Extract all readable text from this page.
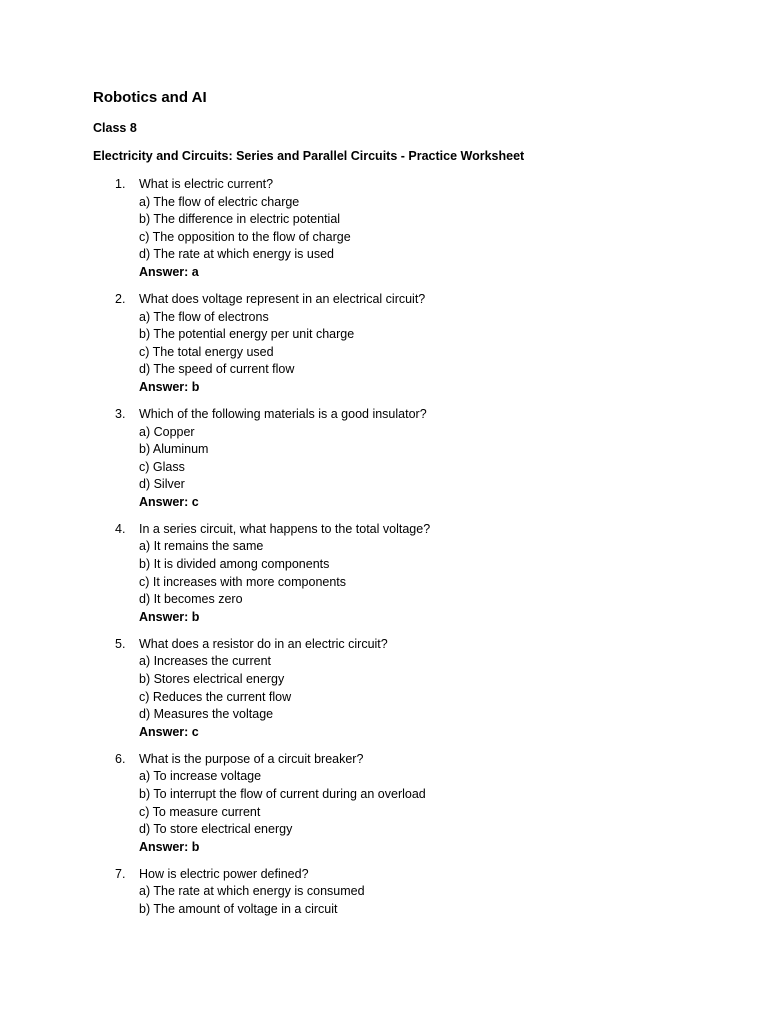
Robotics and AI
Class 8
Electricity and Circuits: Series and Parallel Circuits - Practice Worksheet
1. What is electric current?
a) The flow of electric charge
b) The difference in electric potential
c) The opposition to the flow of charge
d) The rate at which energy is used
Answer: a
2. What does voltage represent in an electrical circuit?
a) The flow of electrons
b) The potential energy per unit charge
c) The total energy used
d) The speed of current flow
Answer: b
3. Which of the following materials is a good insulator?
a) Copper
b) Aluminum
c) Glass
d) Silver
Answer: c
4. In a series circuit, what happens to the total voltage?
a) It remains the same
b) It is divided among components
c) It increases with more components
d) It becomes zero
Answer: b
5. What does a resistor do in an electric circuit?
a) Increases the current
b) Stores electrical energy
c) Reduces the current flow
d) Measures the voltage
Answer: c
6. What is the purpose of a circuit breaker?
a) To increase voltage
b) To interrupt the flow of current during an overload
c) To measure current
d) To store electrical energy
Answer: b
7. How is electric power defined?
a) The rate at which energy is consumed
b) The amount of voltage in a circuit
